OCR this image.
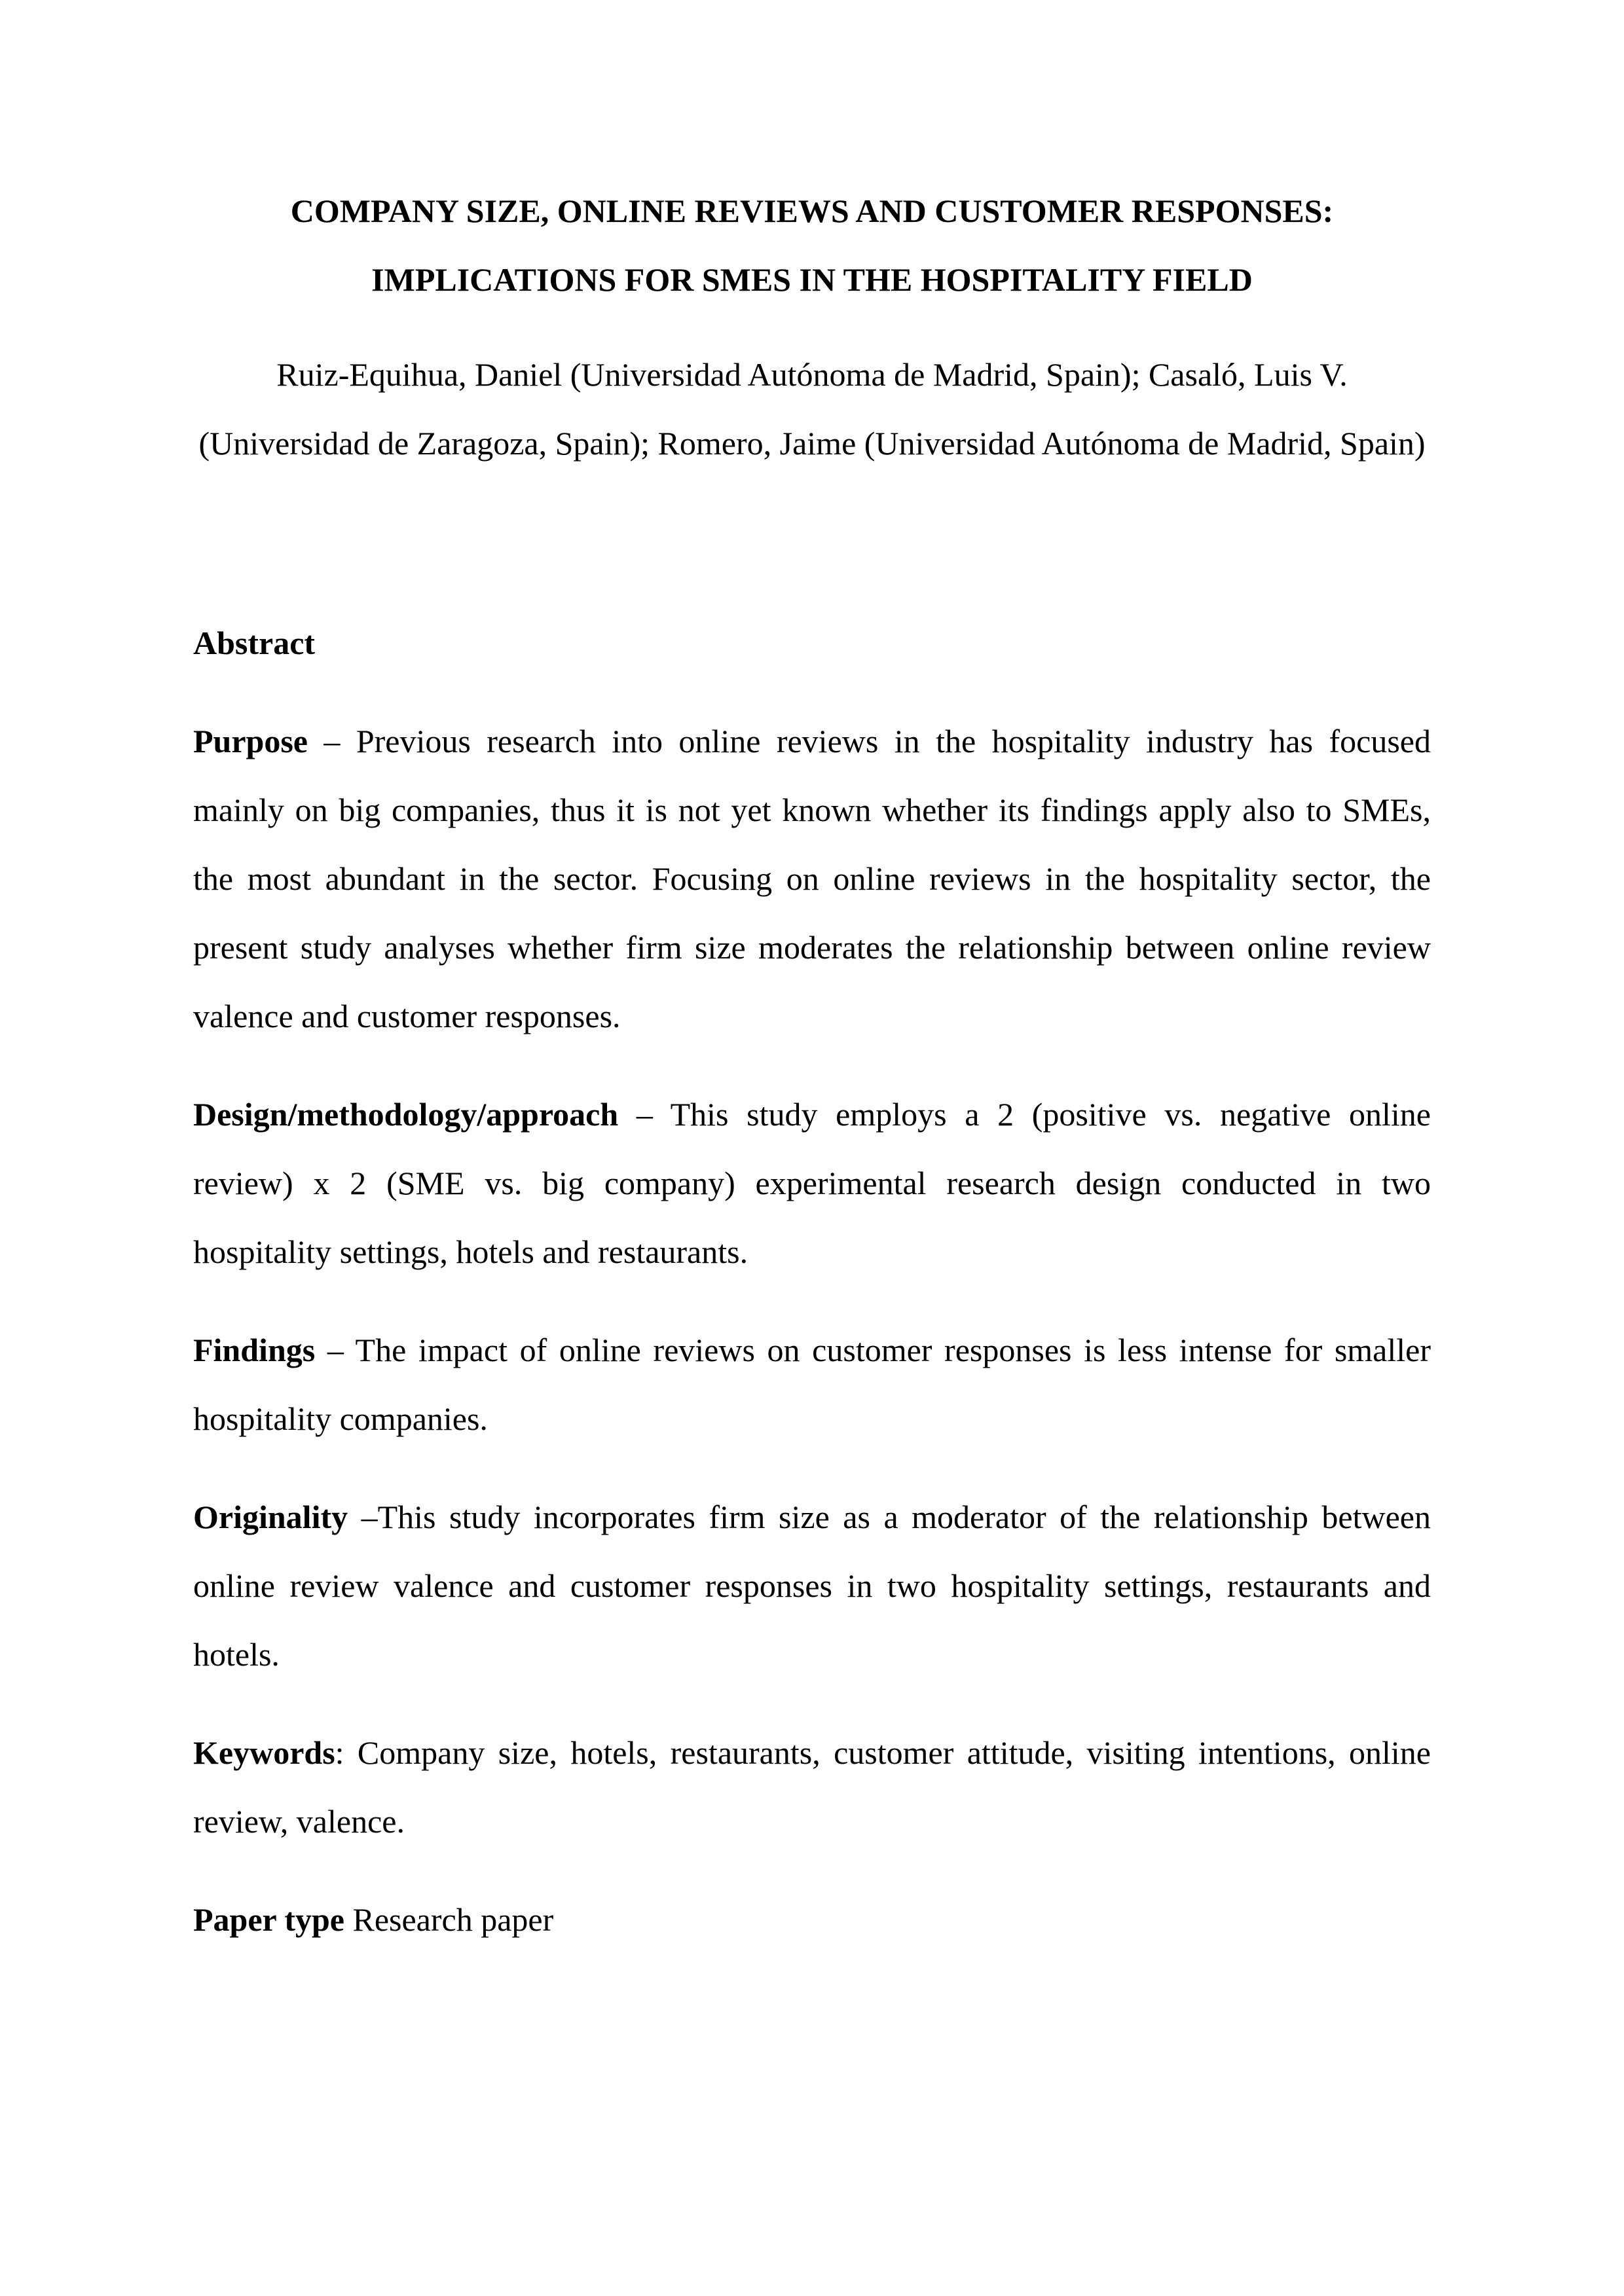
COMPANY SIZE, ONLINE REVIEWS AND CUSTOMER RESPONSES:
IMPLICATIONS FOR SMES IN THE HOSPITALITY FIELD

Ruiz-Equihua, Daniel (Universidad Autónoma de Madrid, Spain); Casaló, Luis V. (Universidad de Zaragoza, Spain); Romero, Jaime (Universidad Autónoma de Madrid, Spain)

Abstract

Purpose – Previous research into online reviews in the hospitality industry has focused mainly on big companies, thus it is not yet known whether its findings apply also to SMEs, the most abundant in the sector. Focusing on online reviews in the hospitality sector, the present study analyses whether firm size moderates the relationship between online review valence and customer responses.

Design/methodology/approach – This study employs a 2 (positive vs. negative online review) x 2 (SME vs. big company) experimental research design conducted in two hospitality settings, hotels and restaurants.

Findings – The impact of online reviews on customer responses is less intense for smaller hospitality companies.

Originality –This study incorporates firm size as a moderator of the relationship between online review valence and customer responses in two hospitality settings, restaurants and hotels.

Keywords: Company size, hotels, restaurants, customer attitude, visiting intentions, online review, valence.

Paper type Research paper
